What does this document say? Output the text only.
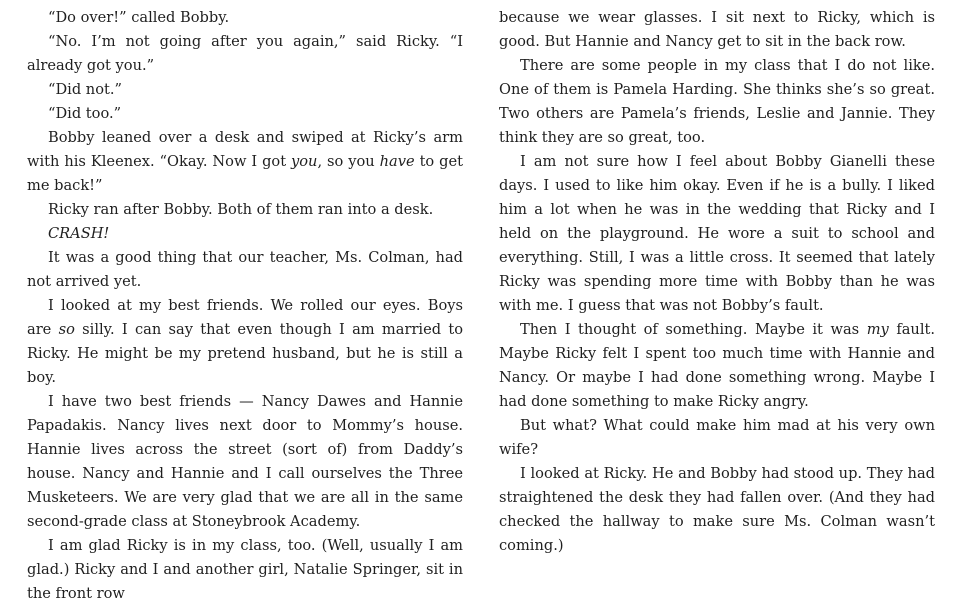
“Do over!” called Bobby.

“No. I’m not going after you again,” said Ricky. “I already got you.”

“Did not.”

“Did too.”

Bobby leaned over a desk and swiped at Ricky’s arm with his Kleenex. “Okay. Now I got you, so you have to get me back!”

Ricky ran after Bobby. Both of them ran into a desk.

CRASH!

It was a good thing that our teacher, Ms. Colman, had not arrived yet.

I looked at my best friends. We rolled our eyes. Boys are so silly. I can say that even though I am married to Ricky. He might be my pretend husband, but he is still a boy.

I have two best friends — Nancy Dawes and Hannie Papadakis. Nancy lives next door to Mommy’s house. Hannie lives across the street (sort of) from Daddy’s house. Nancy and Hannie and I call ourselves the Three Musketeers. We are very glad that we are all in the same second-grade class at Stoneybrook Academy.

I am glad Ricky is in my class, too. (Well, usually I am glad.) Ricky and I and another girl, Natalie Springer, sit in the front row

because we wear glasses. I sit next to Ricky, which is good. But Hannie and Nancy get to sit in the back row.

There are some people in my class that I do not like. One of them is Pamela Harding. She thinks she’s so great. Two others are Pamela’s friends, Leslie and Jannie. They think they are so great, too.

I am not sure how I feel about Bobby Gianelli these days. I used to like him okay. Even if he is a bully. I liked him a lot when he was in the wedding that Ricky and I held on the playground. He wore a suit to school and everything. Still, I was a little cross. It seemed that lately Ricky was spending more time with Bobby than he was with me. I guess that was not Bobby’s fault.

Then I thought of something. Maybe it was my fault. Maybe Ricky felt I spent too much time with Hannie and Nancy. Or maybe I had done something wrong. Maybe I had done something to make Ricky angry.

But what? What could make him mad at his very own wife?

I looked at Ricky. He and Bobby had stood up. They had straightened the desk they had fallen over. (And they had checked the hallway to make sure Ms. Colman wasn’t coming.)
